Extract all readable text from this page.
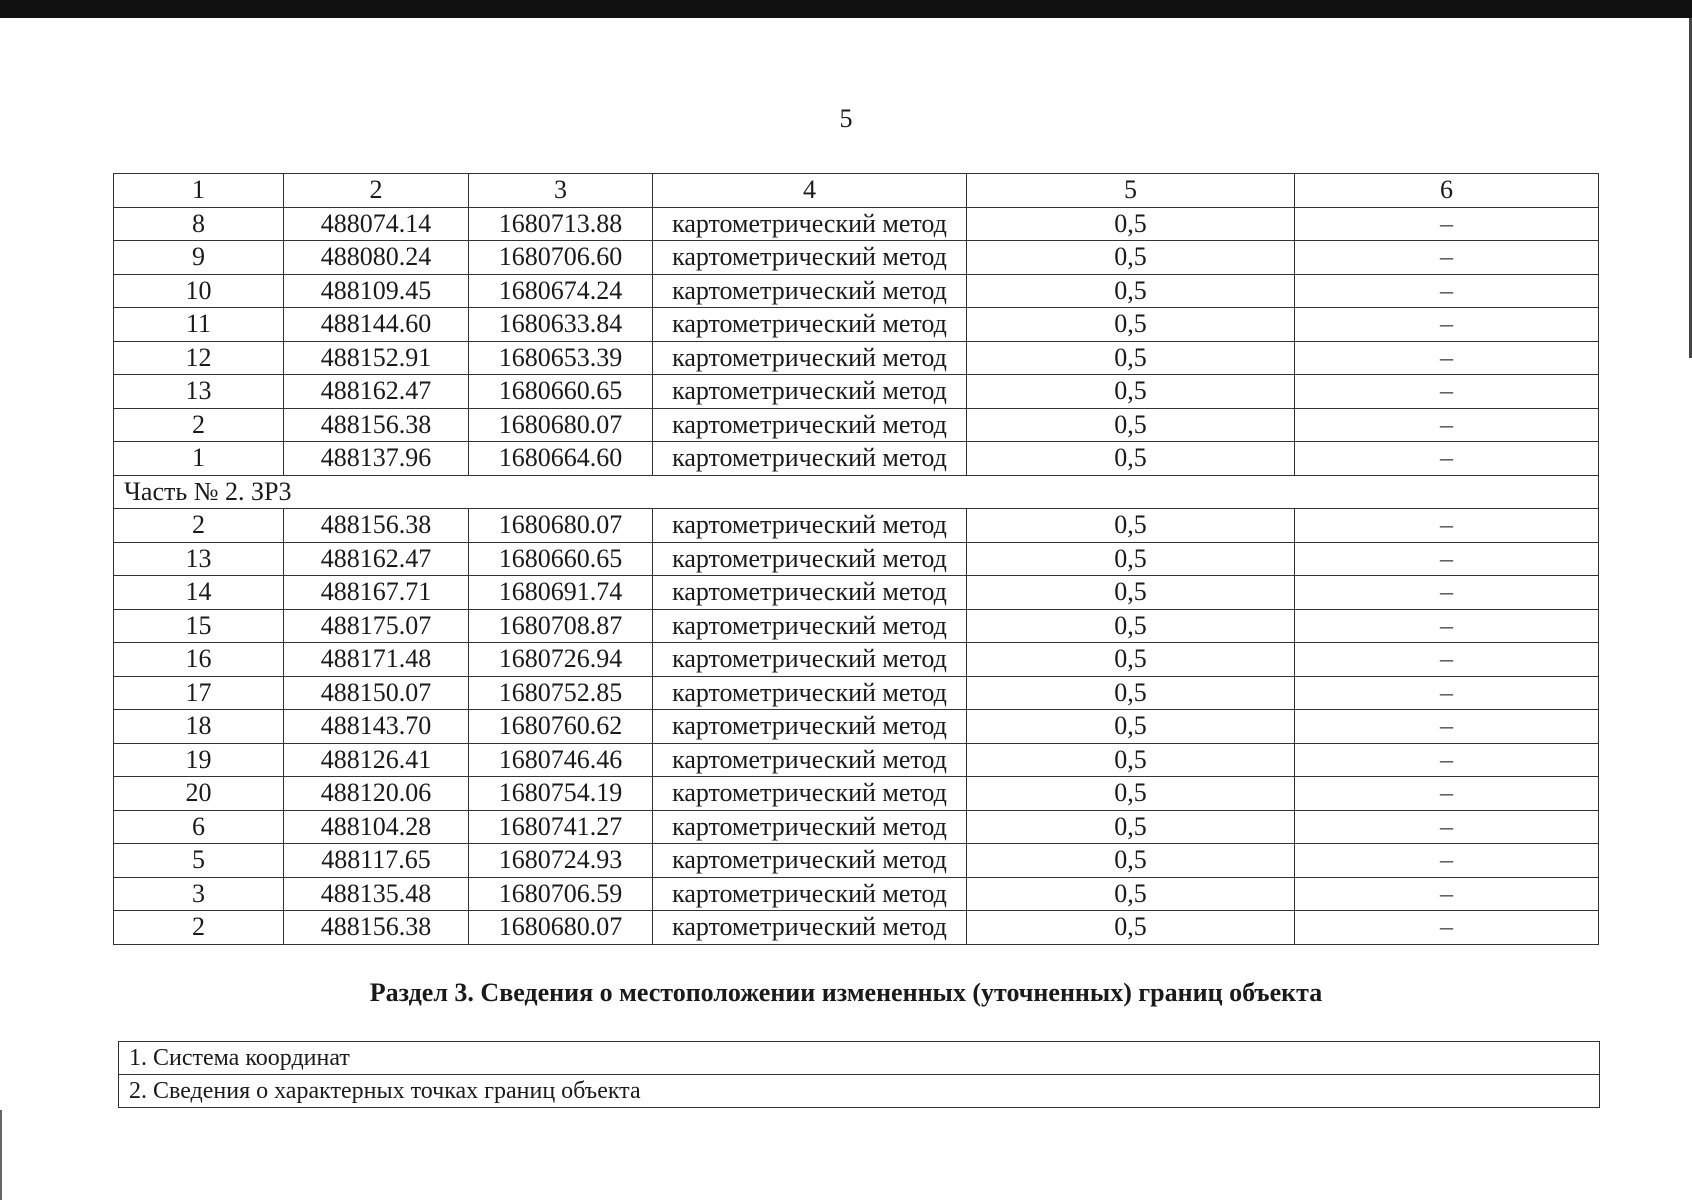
5
1	2	3	4	5	6
8	488074.14	1680713.88	картометрический метод	0,5	–
9	488080.24	1680706.60	картометрический метод	0,5	–
10	488109.45	1680674.24	картометрический метод	0,5	–
11	488144.60	1680633.84	картометрический метод	0,5	–
12	488152.91	1680653.39	картометрический метод	0,5	–
13	488162.47	1680660.65	картометрический метод	0,5	–
2	488156.38	1680680.07	картометрический метод	0,5	–
1	488137.96	1680664.60	картометрический метод	0,5	–
Часть № 2. ЗР3					
2	488156.38	1680680.07	картометрический метод	0,5	–
13	488162.47	1680660.65	картометрический метод	0,5	–
14	488167.71	1680691.74	картометрический метод	0,5	–
15	488175.07	1680708.87	картометрический метод	0,5	–
16	488171.48	1680726.94	картометрический метод	0,5	–
17	488150.07	1680752.85	картометрический метод	0,5	–
18	488143.70	1680760.62	картометрический метод	0,5	–
19	488126.41	1680746.46	картометрический метод	0,5	–
20	488120.06	1680754.19	картометрический метод	0,5	–
6	488104.28	1680741.27	картометрический метод	0,5	–
5	488117.65	1680724.93	картометрический метод	0,5	–
3	488135.48	1680706.59	картометрический метод	0,5	–
2	488156.38	1680680.07	картометрический метод	0,5	–
Раздел 3. Сведения о местоположении измененных (уточненных) границ объекта
1. Система координат
2. Сведения о характерных точках границ объекта
